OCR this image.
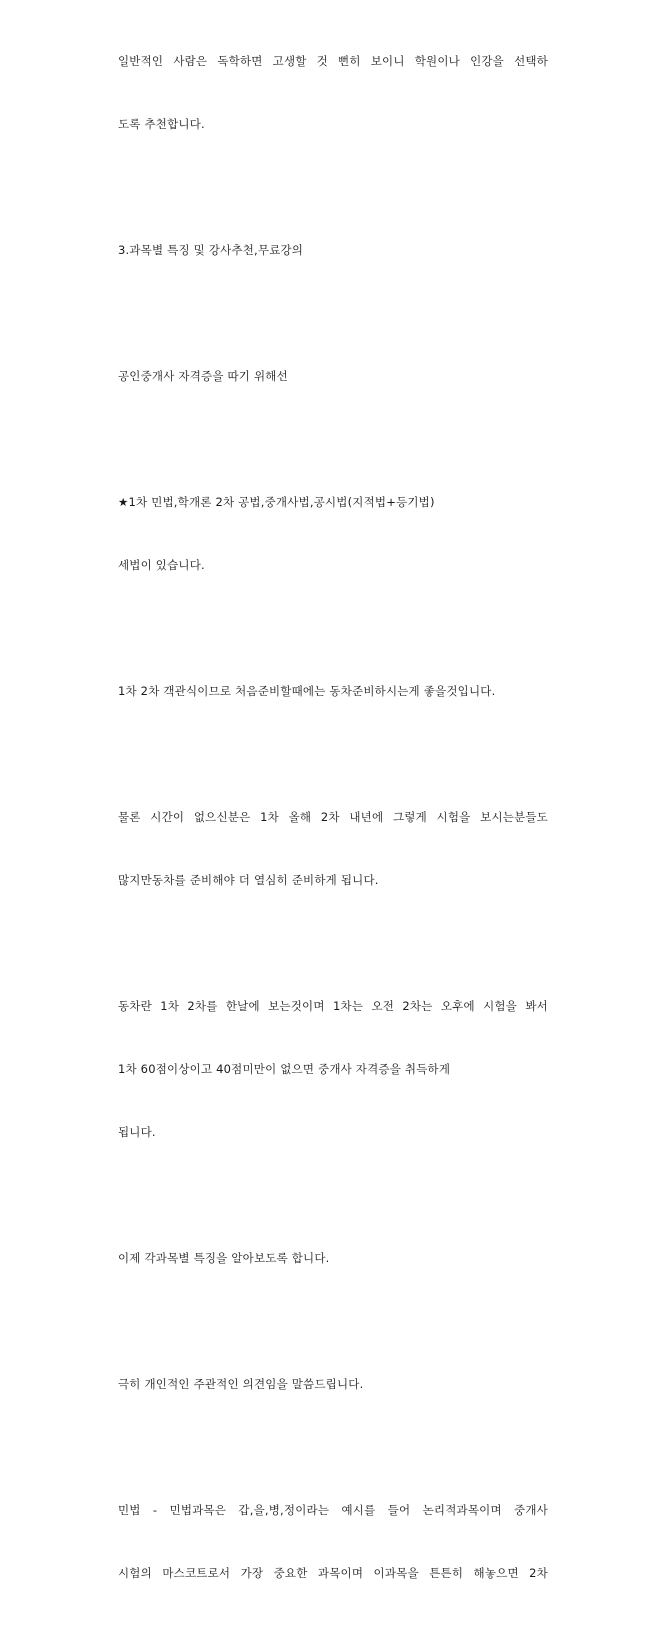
일반적인 사람은 독학하면 고생할 것 뻔히 보이니 학원이나 인강을 선택하

도록 추천합니다.

3.과목별 특징 및 강사추천,무료강의

공인중개사 자격증을 따기 위해선

★1차 민법,학개론 2차 공법,중개사법,공시법(지적법+등기법)

세법이 있습니다.

1차 2차 객관식이므로 처음준비할때에는 동차준비하시는게 좋을것입니다.

물론 시간이 없으신분은 1차 올해 2차 내년에 그렇게 시험을 보시는분들도

많지만동차를 준비해야 더 열심히 준비하게 됩니다.

동차란 1차 2차를 한날에 보는것이며 1차는 오전 2차는 오후에 시험을 봐서

1차 60점이상이고 40점미만이 없으면 중개사 자격증을 취득하게

됩니다.

이제 각과목별 특징을 알아보도록 합니다.

극히 개인적인 주관적인 의견임을 말씀드립니다.

민법 - 민법과목은 갑,을,병,정이라는 예시를 들어 논리적과목이며 중개사

시험의 마스코트로서 가장 중요한 과목이며 이과목을 튼튼히 해놓으면 2차
